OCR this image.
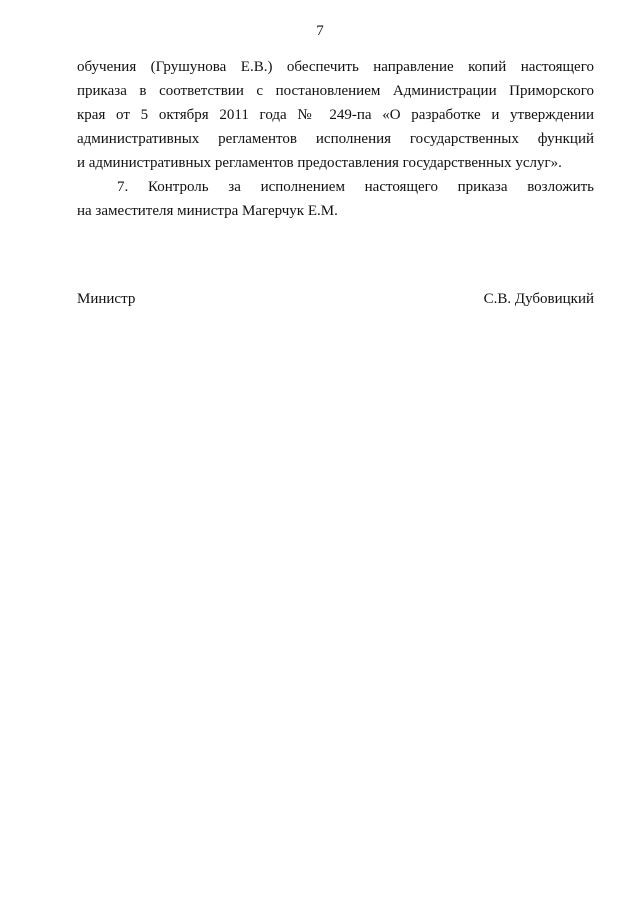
7
обучения (Грушунова Е.В.) обеспечить направление копий настоящего
приказа в соответствии с постановлением Администрации Приморского
края от 5 октября 2011 года № 249-па «О разработке и утверждении
административных регламентов исполнения государственных функций
и административных регламентов предоставления государственных услуг».
7. Контроль за исполнением настоящего приказа возложить
на заместителя министра Магерчук Е.М.
Министр	С.В. Дубовицкий
